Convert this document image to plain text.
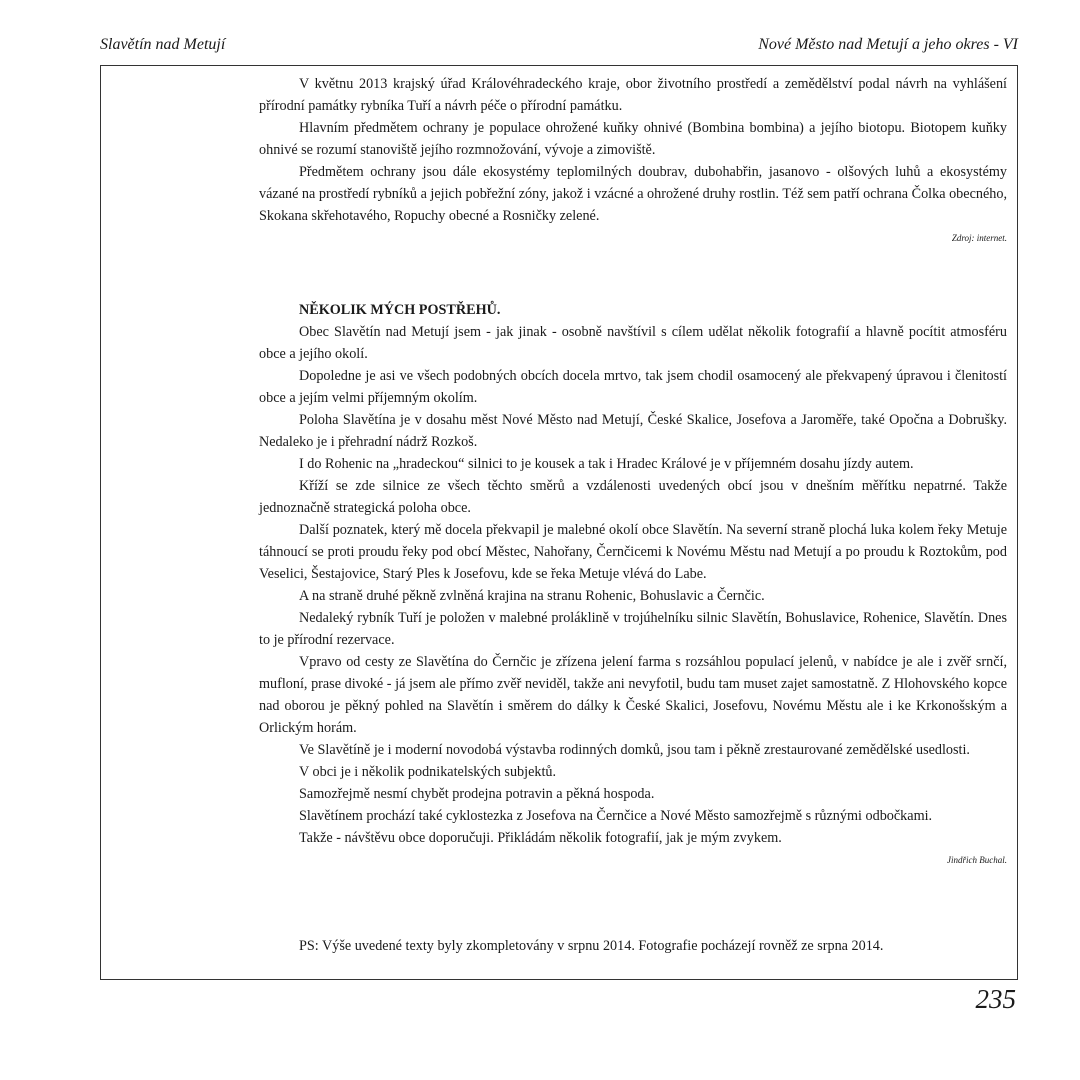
Slavětín nad Metují	Nové Město nad Metují a jeho okres - VI

V květnu 2013 krajský úřad Královéhradeckého kraje, obor životního prostředí a zemědělství podal návrh na vyhlášení přírodní památky rybníka Tuří a návrh péče o přírodní památku.

Hlavním předmětem ochrany je populace ohrožené kuňky ohnivé (Bombina bombina) a jejího biotopu. Biotopem kuňky ohnivé se rozumí stanoviště jejího rozmnožování, vývoje a zimoviště.

Předmětem ochrany jsou dále ekosystémy teplomilných doubrav, dubohabřin, jasanovo - olšových luhů a ekosystémy vázané na prostředí rybníků a jejich pobřežní zóny, jakož i vzácné a ohrožené druhy rostlin. Též sem patří ochrana Čolka obecného, Skokana skřehotavého, Ropuchy obecné a Rosničky zelené.

Zdroj: internet.

NĚKOLIK MÝCH POSTŘEHŮ.

Obec Slavětín nad Metují jsem - jak jinak - osobně navštívil s cílem udělat několik fotografií a hlavně pocítit atmosféru obce a jejího okolí.

Dopoledne je asi ve všech podobných obcích docela mrtvo, tak jsem chodil osamocený ale překvapený úpravou i členitostí obce a jejím velmi příjemným okolím.

Poloha Slavětína je v dosahu měst Nové Město nad Metují, České Skalice, Josefova a Jaroměře, také Opočna a Dobrušky. Nedaleko je i přehradní nádrž Rozkoš.

I do Rohenic na „hradeckou“ silnici to je kousek a tak i Hradec Králové je v příjemném dosahu jízdy autem.

Kříží se zde silnice ze všech těchto směrů a vzdálenosti uvedených obcí jsou v dnešním měřítku nepatrné. Takže jednoznačně strategická poloha obce.

Další poznatek, který mě docela překvapil je malebné okolí obce Slavětín. Na severní straně plochá luka kolem řeky Metuje táhnoucí se proti proudu řeky pod obcí Městec, Nahořany, Černčicemi k Novému Městu nad Metují a po proudu k Roztokům, pod Veselici, Šestajovice, Starý Ples k Josefovu, kde se řeka Metuje vlévá do Labe.

A na straně druhé pěkně zvlněná krajina na stranu Rohenic, Bohuslavic a Černčic.

Nedaleký rybník Tuří je položen v malebné proláklině v trojúhelníku silnic Slavětín, Bohuslavice, Rohenice, Slavětín. Dnes to je přírodní rezervace.

Vpravo od cesty ze Slavětína do Černčic je zřízena jelení farma s rozsáhlou populací jelenů, v nabídce je ale i zvěř srnčí, mufloní, prase divoké - já jsem ale přímo zvěř neviděl, takže ani nevyfotil, budu tam muset zajet samostatně. Z Hlohovského kopce nad oborou je pěkný pohled na Slavětín i směrem do dálky k České Skalici, Josefovu, Novému Městu ale i ke Krkonošským a Orlickým horám.

Ve Slavětíně je i moderní novodobá výstavba rodinných domků, jsou tam i pěkně zrestaurované zemědělské usedlosti.

V obci je i několik podnikatelských subjektů.

Samozřejmě nesmí chybět prodejna potravin a pěkná hospoda.

Slavětínem prochází také cyklostezka z Josefova na Černčice a Nové Město samozřejmě s různými odbočkami.

Takže - návštěvu obce doporučuji. Přikládám několik fotografií, jak je mým zvykem.

Jindřich Buchal.

PS: Výše uvedené texty byly zkompletovány v srpnu 2014. Fotografie pocházejí rovněž ze srpna 2014.

235
